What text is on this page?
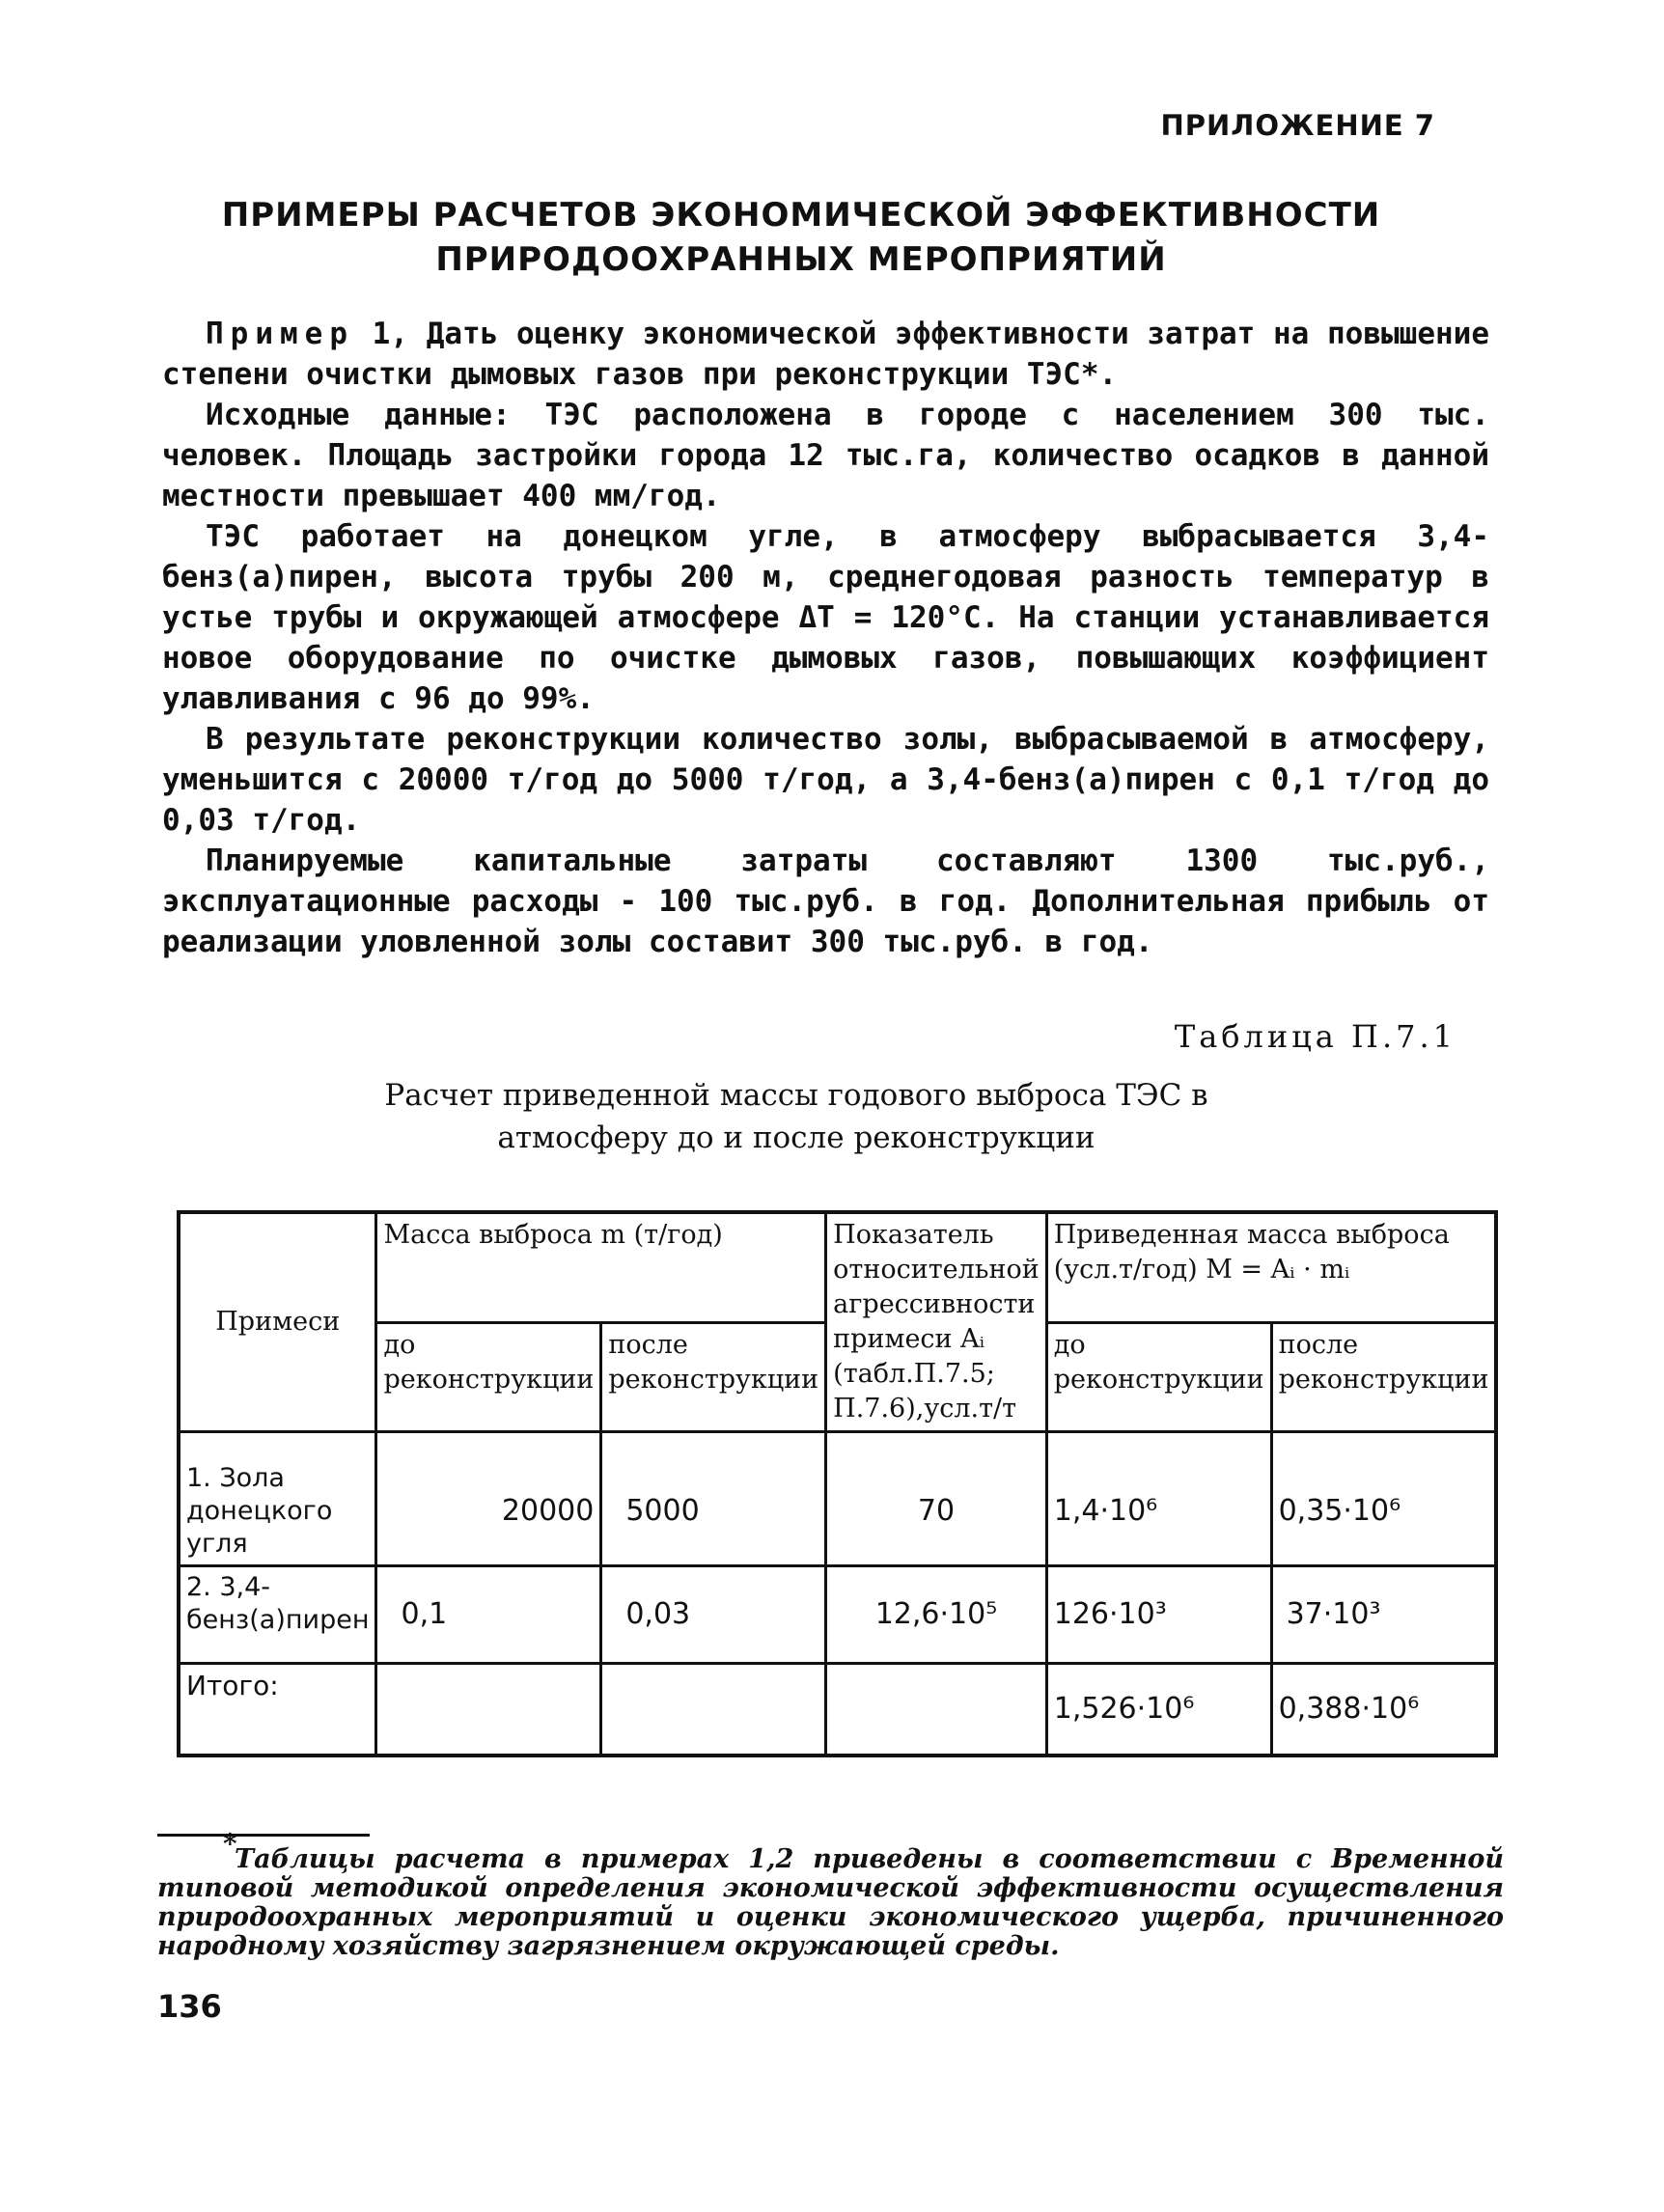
ПРИЛОЖЕНИЕ 7
ПРИМЕРЫ РАСЧЕТОВ ЭКОНОМИЧЕСКОЙ ЭФФЕКТИВНОСТИ
ПРИРОДООХРАННЫХ МЕРОПРИЯТИЙ

Пример 1, Дать оценку экономической эффективности затрат на повышение степени очистки дымовых газов при реконструкции ТЭС*.

Исходные данные: ТЭС расположена в городе с населением 300 тыс. человек. Площадь застройки города 12 тыс.га, количество осадков в данной местности превышает 400 мм/год.

ТЭС работает на донецком угле, в атмосферу выбрасывается 3,4-бенз(а)пирен, высота трубы 200 м, среднегодовая разность температур в устье трубы и окружающей атмосфере ΔT = 120°С. На станции устанавливается новое оборудование по очистке дымовых газов, повышающих коэффициент улавливания с 96 до 99%.

В результате реконструкции количество золы, выбрасываемой в атмосферу, уменьшится с 20000 т/год до 5000 т/год, а 3,4-бенз(а)пирен с 0,1 т/год до 0,03 т/год.

Планируемые капитальные затраты составляют 1300 тыс.руб., эксплуатационные расходы - 100 тыс.руб. в год. Дополнительная прибыль от реализации уловленной золы составит 300 тыс.руб. в год.

Таблица П.7.1
Расчет приведенной массы годового выброса ТЭС в
атмосферу до и после реконструкции
Примеси	Масса выброса m (т/год)		Показатель относительной агрессивности примеси Aᵢ (табл.П.7.5; П.7.6),усл.т/т	Приведенная масса выброса (усл.т/год) M = Aᵢ · mᵢ	
	до реконструкции	после реконструкции		до реконструкции	после реконструкции
1. Зола донецкого угля	20000	5000	70	1,4·10⁶	0,35·10⁶
2. 3,4-бенз(а)пирен	0,1	0,03	12,6·10⁵	126·10³	37·10³
Итого:				1,526·10⁶	0,388·10⁶
*
Таблицы расчета в примерах 1,2 приведены в соответствии с Временной типовой методикой определения экономической эффективности осуществления природоохранных мероприятий и оценки экономического ущерба, причиненного народному хозяйству загрязнением окружающей среды.
136
